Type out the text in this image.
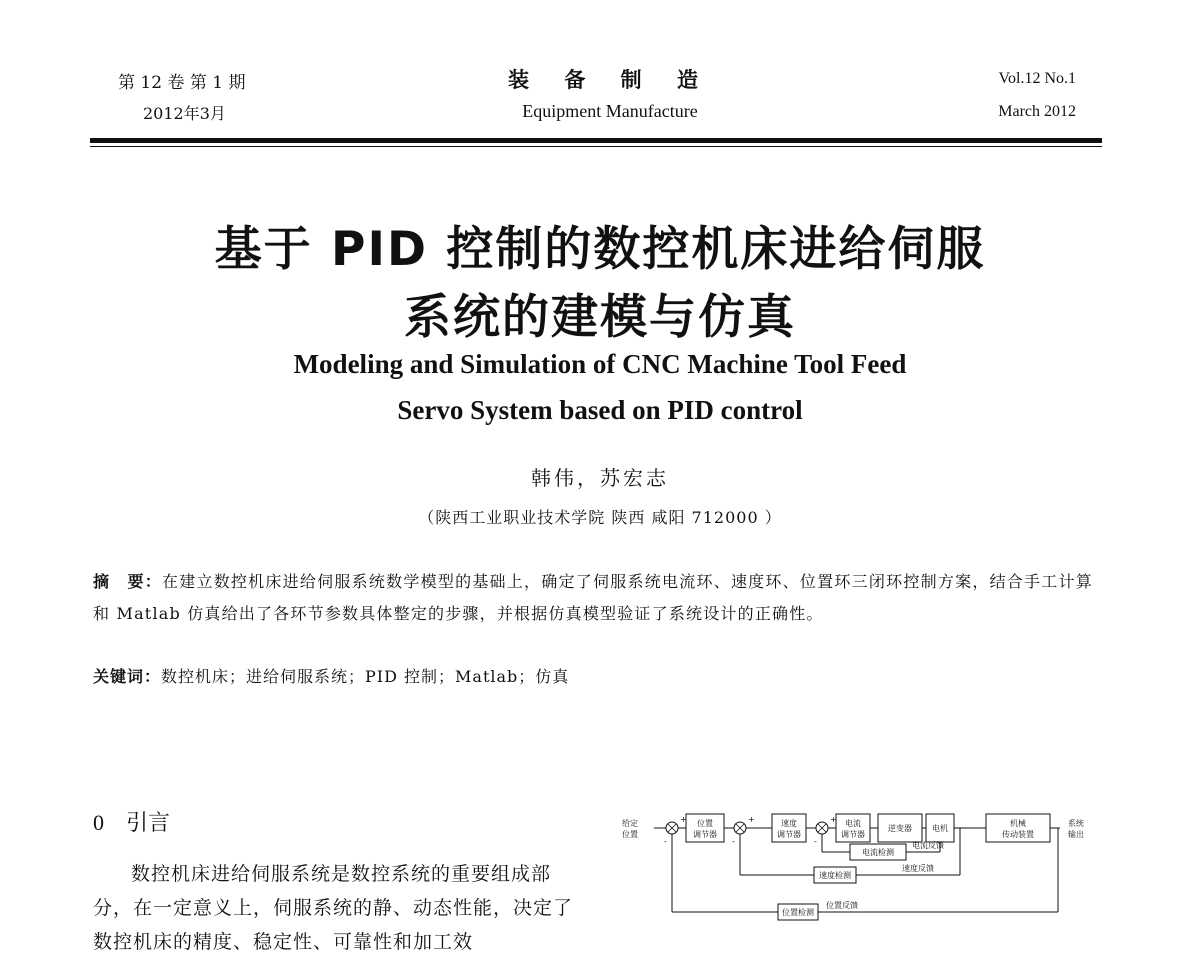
第 12 卷 第 1 期
2012年3月
装 备 制 造
Equipment Manufacture
Vol.12 No.1
March 2012
基于 PID 控制的数控机床进给伺服
系统的建模与仿真
Modeling and Simulation of CNC Machine Tool Feed
Servo System based on PID control
韩伟，苏宏志
（陕西工业职业技术学院 陕西 咸阳 712000 ）
摘　要：在建立数控机床进给伺服系统数学模型的基础上，确定了伺服系统电流环、速度环、位置环三闭环控制方案，结合手工计算和 Matlab 仿真给出了各环节参数具体整定的步骤，并根据仿真模型验证了系统设计的正确性。
关键词：数控机床；进给伺服系统；PID 控制；Matlab；仿真
0 引言

数控机床进给伺服系统是数控系统的重要组成部分，在一定意义上，伺服系统的静、动态性能，决定了数控机床的精度、稳定性、可靠性和加工效

给定
位置
位置
调节器
速度
调节器
电流
调节器
逆变器	电机
机械
传动装置
系统
输出
电流检测
电流反馈
速度检测
速度反馈
位置检测
位置反馈
+
-
+
-
+
-
